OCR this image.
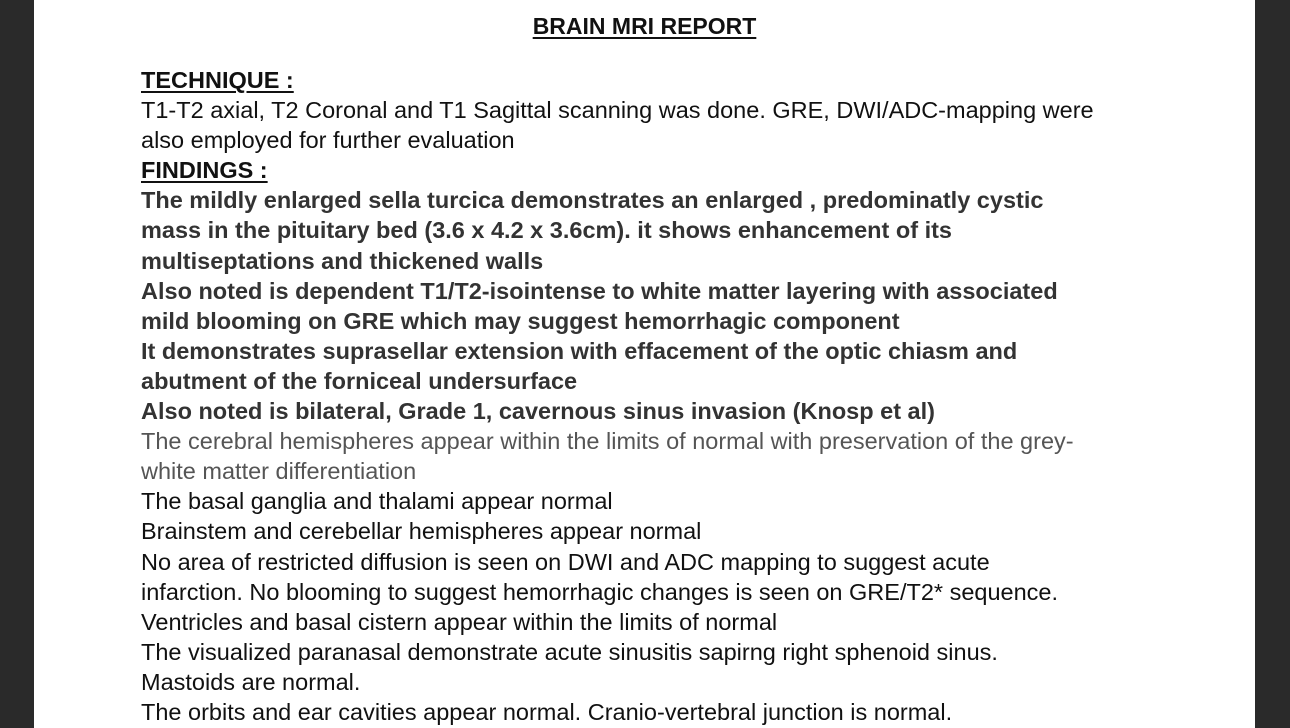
BRAIN MRI REPORT
TECHNIQUE :
T1-T2 axial, T2 Coronal and T1 Sagittal scanning was done. GRE, DWI/ADC-mapping were
also employed for further evaluation
FINDINGS :
The mildly enlarged sella turcica demonstrates an enlarged , predominatly cystic
mass in the pituitary bed (3.6 x 4.2 x 3.6cm). it shows enhancement of its
multiseptations and thickened walls
Also noted is dependent T1/T2-isointense to white matter layering with associated
mild blooming on GRE which may suggest hemorrhagic component
It demonstrates suprasellar extension with effacement of the optic chiasm and
abutment of the forniceal undersurface
Also noted is bilateral, Grade 1, cavernous sinus invasion (Knosp et al)
The cerebral hemispheres appear within the limits of normal with preservation of the grey-
white matter differentiation
The basal ganglia and thalami appear normal
Brainstem and cerebellar hemispheres appear normal
No area of restricted diffusion is seen on DWI and ADC mapping to suggest acute
infarction. No blooming to suggest hemorrhagic changes is seen on GRE/T2* sequence.
Ventricles and basal cistern appear within the limits of normal
The visualized paranasal demonstrate acute sinusitis sapirng right sphenoid sinus.
Mastoids are normal.
The orbits and ear cavities appear normal. Cranio-vertebral junction is normal.
